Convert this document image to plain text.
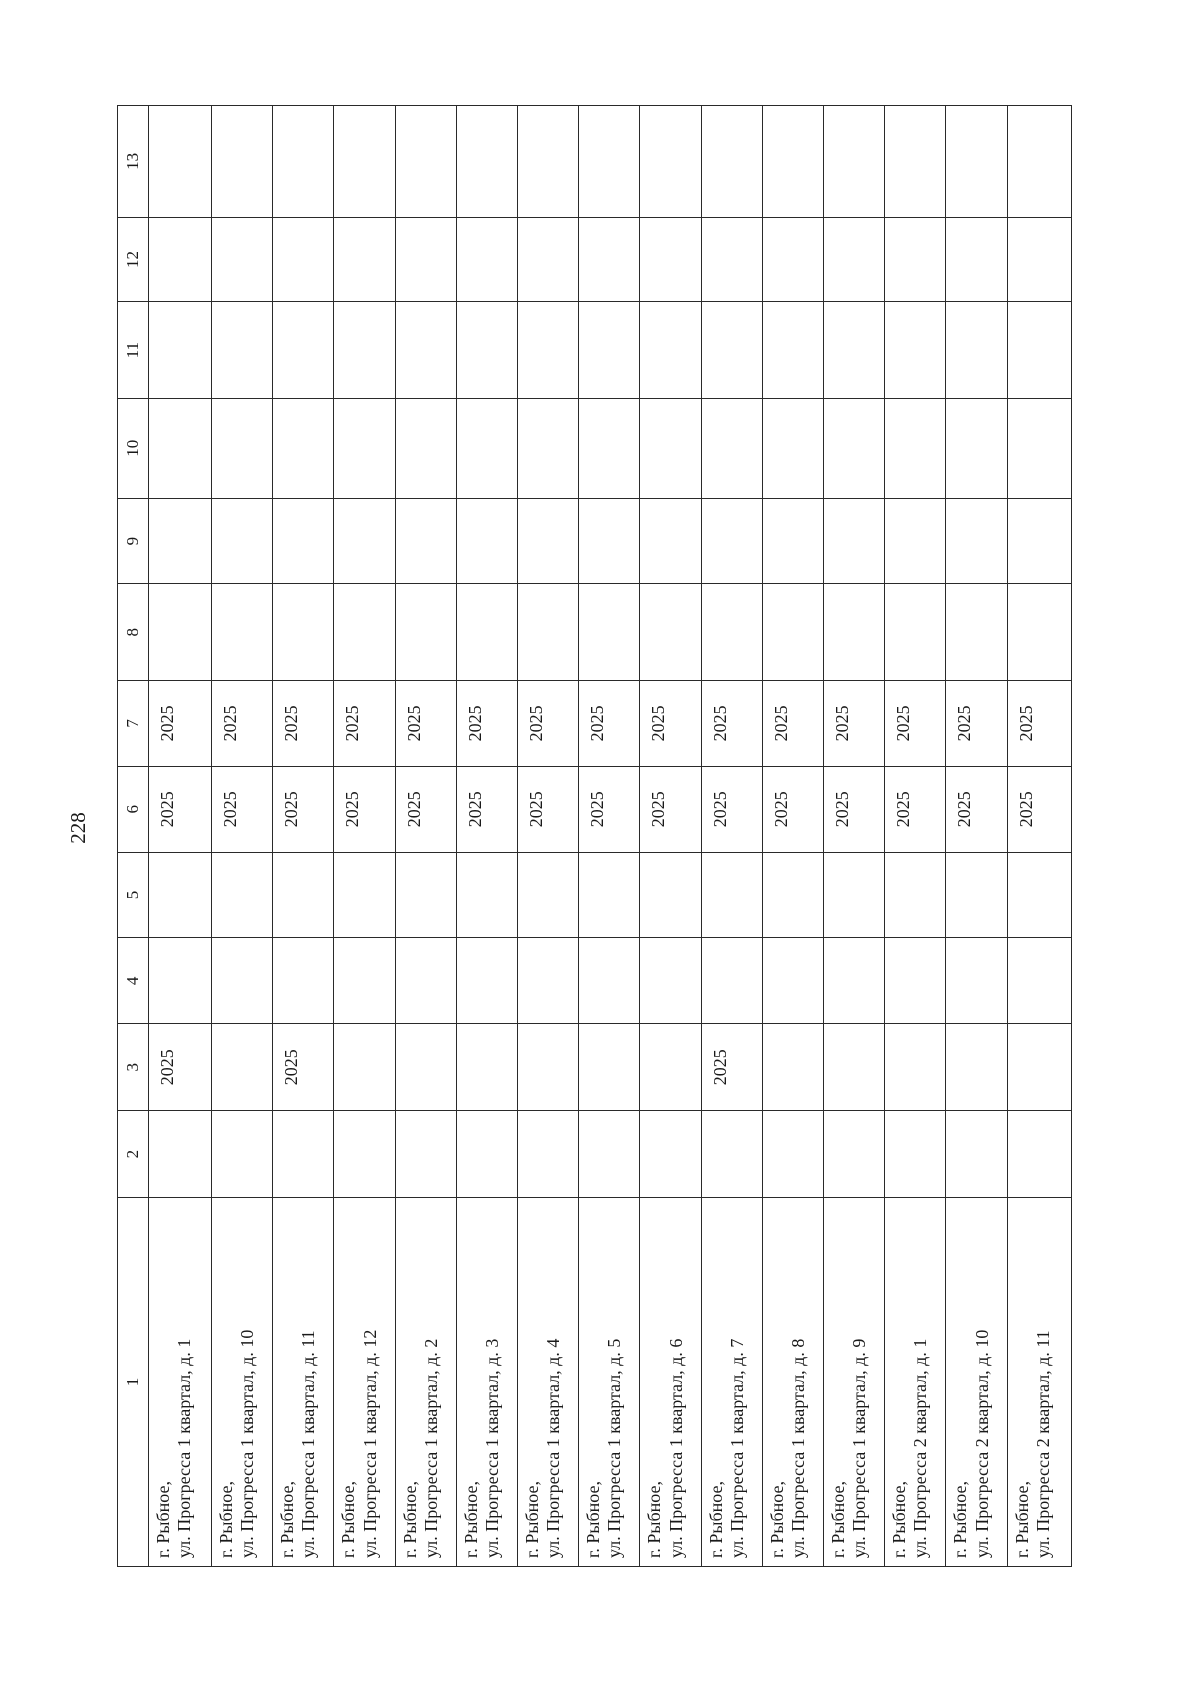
228
1	2	3	4	5	6	7	8	9	10	11	12	13

г. Рыбное, ул. Прогресса 1 квартал, д. 1		2025			2025	2025						

г. Рыбное, ул. Прогресса 1 квартал, д. 10					2025	2025						

г. Рыбное, ул. Прогресса 1 квартал, д. 11		2025			2025	2025						

г. Рыбное, ул. Прогресса 1 квартал, д. 12					2025	2025						

г. Рыбное, ул. Прогресса 1 квартал, д. 2					2025	2025						

г. Рыбное, ул. Прогресса 1 квартал, д. 3					2025	2025						

г. Рыбное, ул. Прогресса 1 квартал, д. 4					2025	2025						

г. Рыбное, ул. Прогресса 1 квартал, д. 5					2025	2025						

г. Рыбное, ул. Прогресса 1 квартал, д. 6					2025	2025						

г. Рыбное, ул. Прогресса 1 квартал, д. 7		2025			2025	2025						

г. Рыбное, ул. Прогресса 1 квартал, д. 8					2025	2025						

г. Рыбное, ул. Прогресса 1 квартал, д. 9					2025	2025						

г. Рыбное, ул. Прогресса 2 квартал, д. 1					2025	2025						

г. Рыбное, ул. Прогресса 2 квартал, д. 10					2025	2025						

г. Рыбное, ул. Прогресса 2 квартал, д. 11					2025	2025						
